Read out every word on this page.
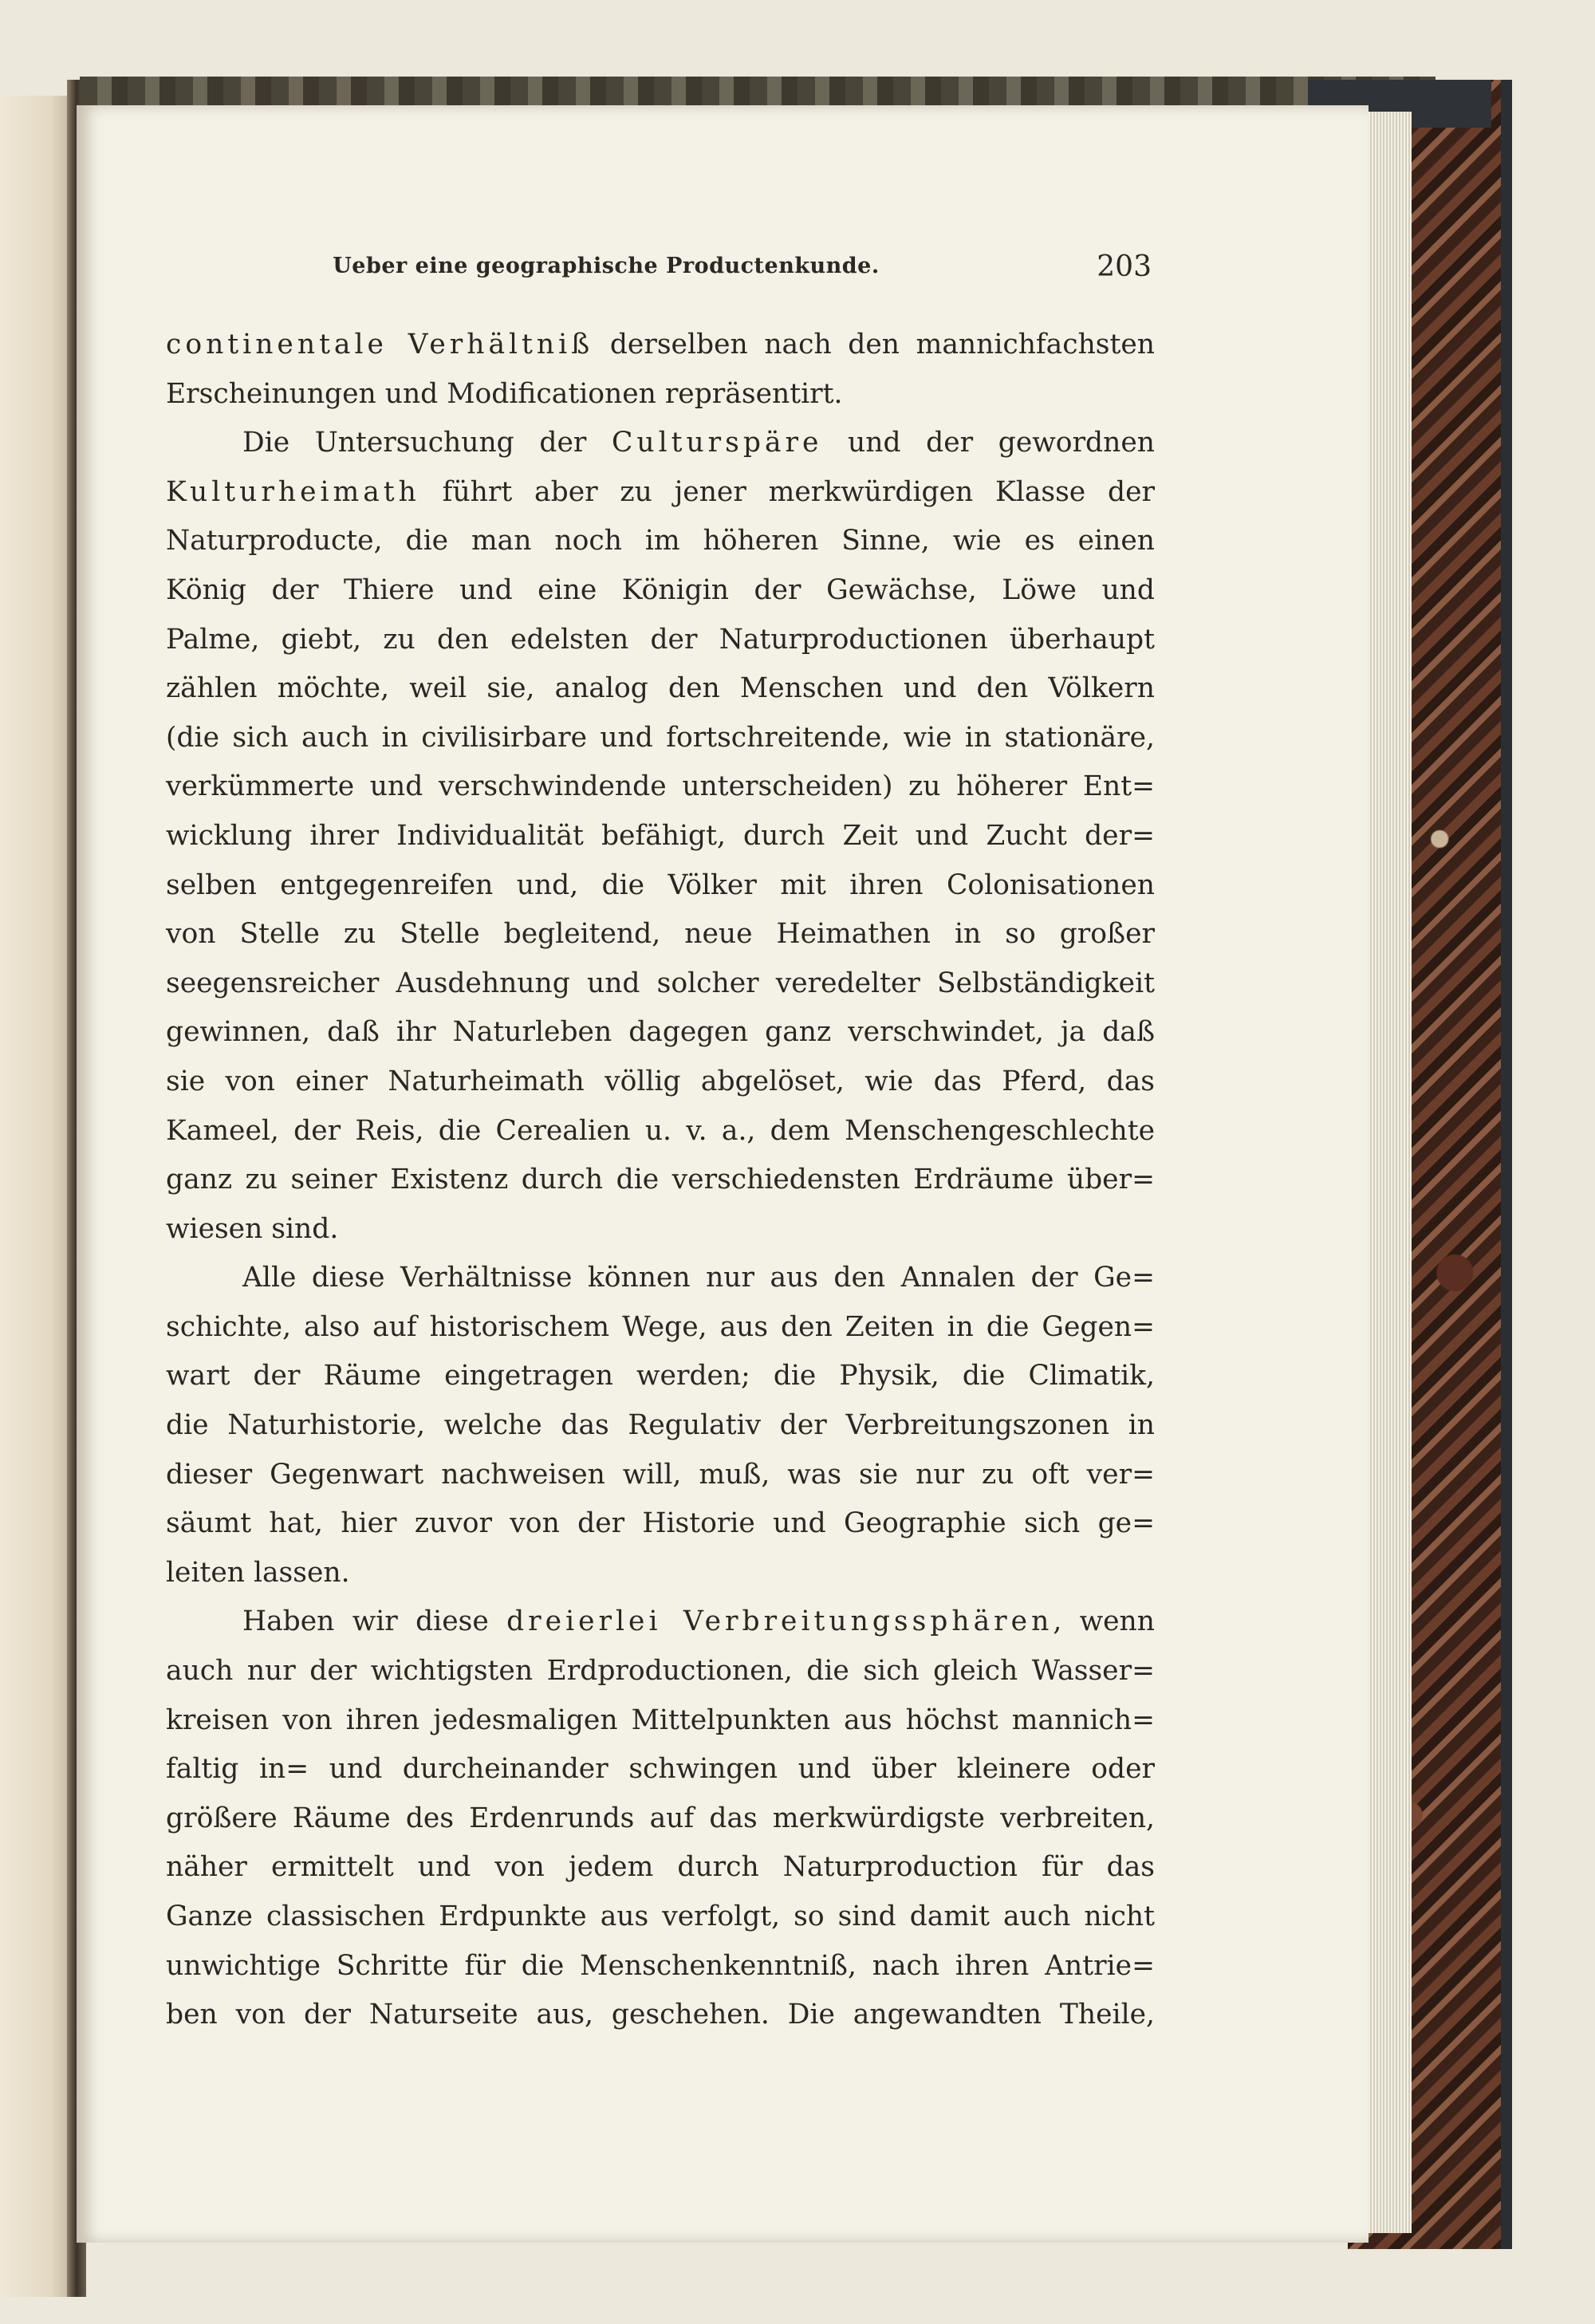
Ueber eine geographische Productenkunde.	203
continentale Verhältniß derselben nach den mannichfachsten
Erscheinungen und Modificationen repräsentirt.
Die Untersuchung der Culturspäre und der gewordnen
Kulturheimath führt aber zu jener merkwürdigen Klasse der
Naturproducte, die man noch im höheren Sinne, wie es einen
König der Thiere und eine Königin der Gewächse, Löwe und
Palme, giebt, zu den edelsten der Naturproductionen überhaupt
zählen möchte, weil sie, analog den Menschen und den Völkern
(die sich auch in civilisirbare und fortschreitende, wie in stationäre,
verkümmerte und verschwindende unterscheiden) zu höherer Ent=
wicklung ihrer Individualität befähigt, durch Zeit und Zucht der=
selben entgegenreifen und, die Völker mit ihren Colonisationen
von Stelle zu Stelle begleitend, neue Heimathen in so großer
seegensreicher Ausdehnung und solcher veredelter Selbständigkeit
gewinnen, daß ihr Naturleben dagegen ganz verschwindet, ja daß
sie von einer Naturheimath völlig abgelöset, wie das Pferd, das
Kameel, der Reis, die Cerealien u. v. a., dem Menschengeschlechte
ganz zu seiner Existenz durch die verschiedensten Erdräume über=
wiesen sind.
Alle diese Verhältnisse können nur aus den Annalen der Ge=
schichte, also auf historischem Wege, aus den Zeiten in die Gegen=
wart der Räume eingetragen werden; die Physik, die Climatik,
die Naturhistorie, welche das Regulativ der Verbreitungszonen in
dieser Gegenwart nachweisen will, muß, was sie nur zu oft ver=
säumt hat, hier zuvor von der Historie und Geographie sich ge=
leiten lassen.
Haben wir diese dreierlei Verbreitungssphären, wenn
auch nur der wichtigsten Erdproductionen, die sich gleich Wasser=
kreisen von ihren jedesmaligen Mittelpunkten aus höchst mannich=
faltig in= und durcheinander schwingen und über kleinere oder
größere Räume des Erdenrunds auf das merkwürdigste verbreiten,
näher ermittelt und von jedem durch Naturproduction für das
Ganze classischen Erdpunkte aus verfolgt, so sind damit auch nicht
unwichtige Schritte für die Menschenkenntniß, nach ihren Antrie=
ben von der Naturseite aus, geschehen. Die angewandten Theile,
